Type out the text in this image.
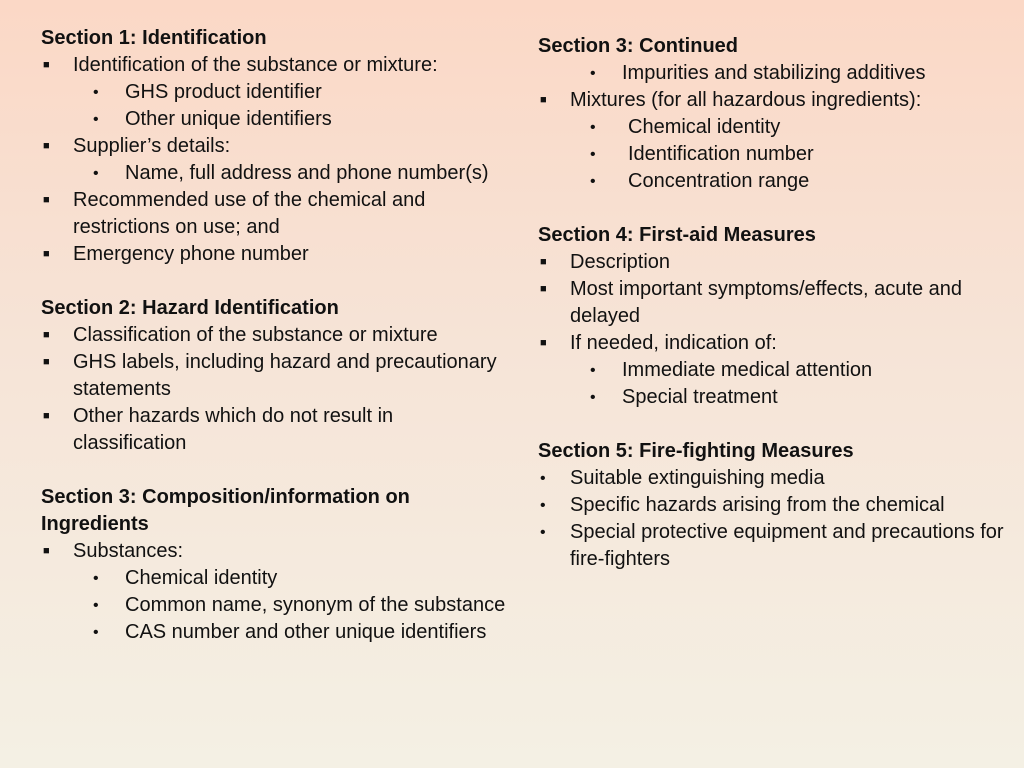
Section 1: Identification
■ Identification of the substance or mixture:
• GHS product identifier
• Other unique identifiers
■ Supplier’s details:
• Name, full address and phone number(s)
■ Recommended use of the chemical and restrictions on use; and
■ Emergency phone number
Section 2: Hazard Identification
■ Classification of the substance or mixture
■ GHS labels, including hazard and precautionary statements
■ Other hazards which do not result in classification
Section 3: Composition/information on Ingredients
■ Substances:
• Chemical identity
• Common name, synonym of the substance
• CAS number and other unique identifiers
Section 3: Continued
• Impurities and stabilizing additives
■ Mixtures (for all hazardous ingredients):
• Chemical identity
• Identification number
• Concentration range
Section 4: First-aid Measures
■ Description
■ Most important symptoms/effects, acute and delayed
■ If needed, indication of:
• Immediate medical attention
• Special treatment
Section 5: Fire-fighting Measures
• Suitable extinguishing media
• Specific hazards arising from the chemical
• Special protective equipment and precautions for fire-fighters
